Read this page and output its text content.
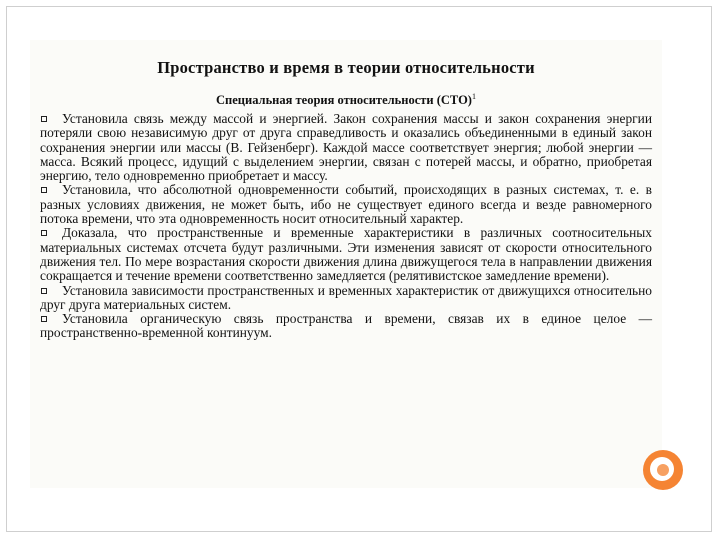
Пространство и время в теории относительности
Специальная теория относительности (СТО)$^1$

Установила связь между массой и энергией. Закон сохранения массы и закон сохранения энергии потеряли свою независимую друг от друга справедливость и оказались объединенными в единый закон сохранения энергии или массы (В. Гейзенберг). Каждой массе соответствует энергия; любой энергии — масса. Всякий процесс, идущий с выделением энергии, связан с потерей массы, и обратно, приобретая энергию, тело одновременно приобретает и массу.

Установила, что абсолютной одновременности событий, происходящих в разных системах, т. е. в разных условиях движения, не может быть, ибо не существует единого всегда и везде равномерного потока времени, что эта одновременность носит относительный характер.

Доказала, что пространственные и временные характеристики в различных соотносительных материальных системах отсчета будут различными. Эти изменения зависят от скорости относительного движения тел. По мере возрастания скорости движения длина движущегося тела в направлении движения сокращается и течение времени соответственно замедляется (релятивистское замедление времени).

Установила зависимости пространственных и временных характеристик от движущихся относительно друг друга материальных систем.

Установила органическую связь пространства и времени, связав их в единое целое — пространственно-временной континуум.
